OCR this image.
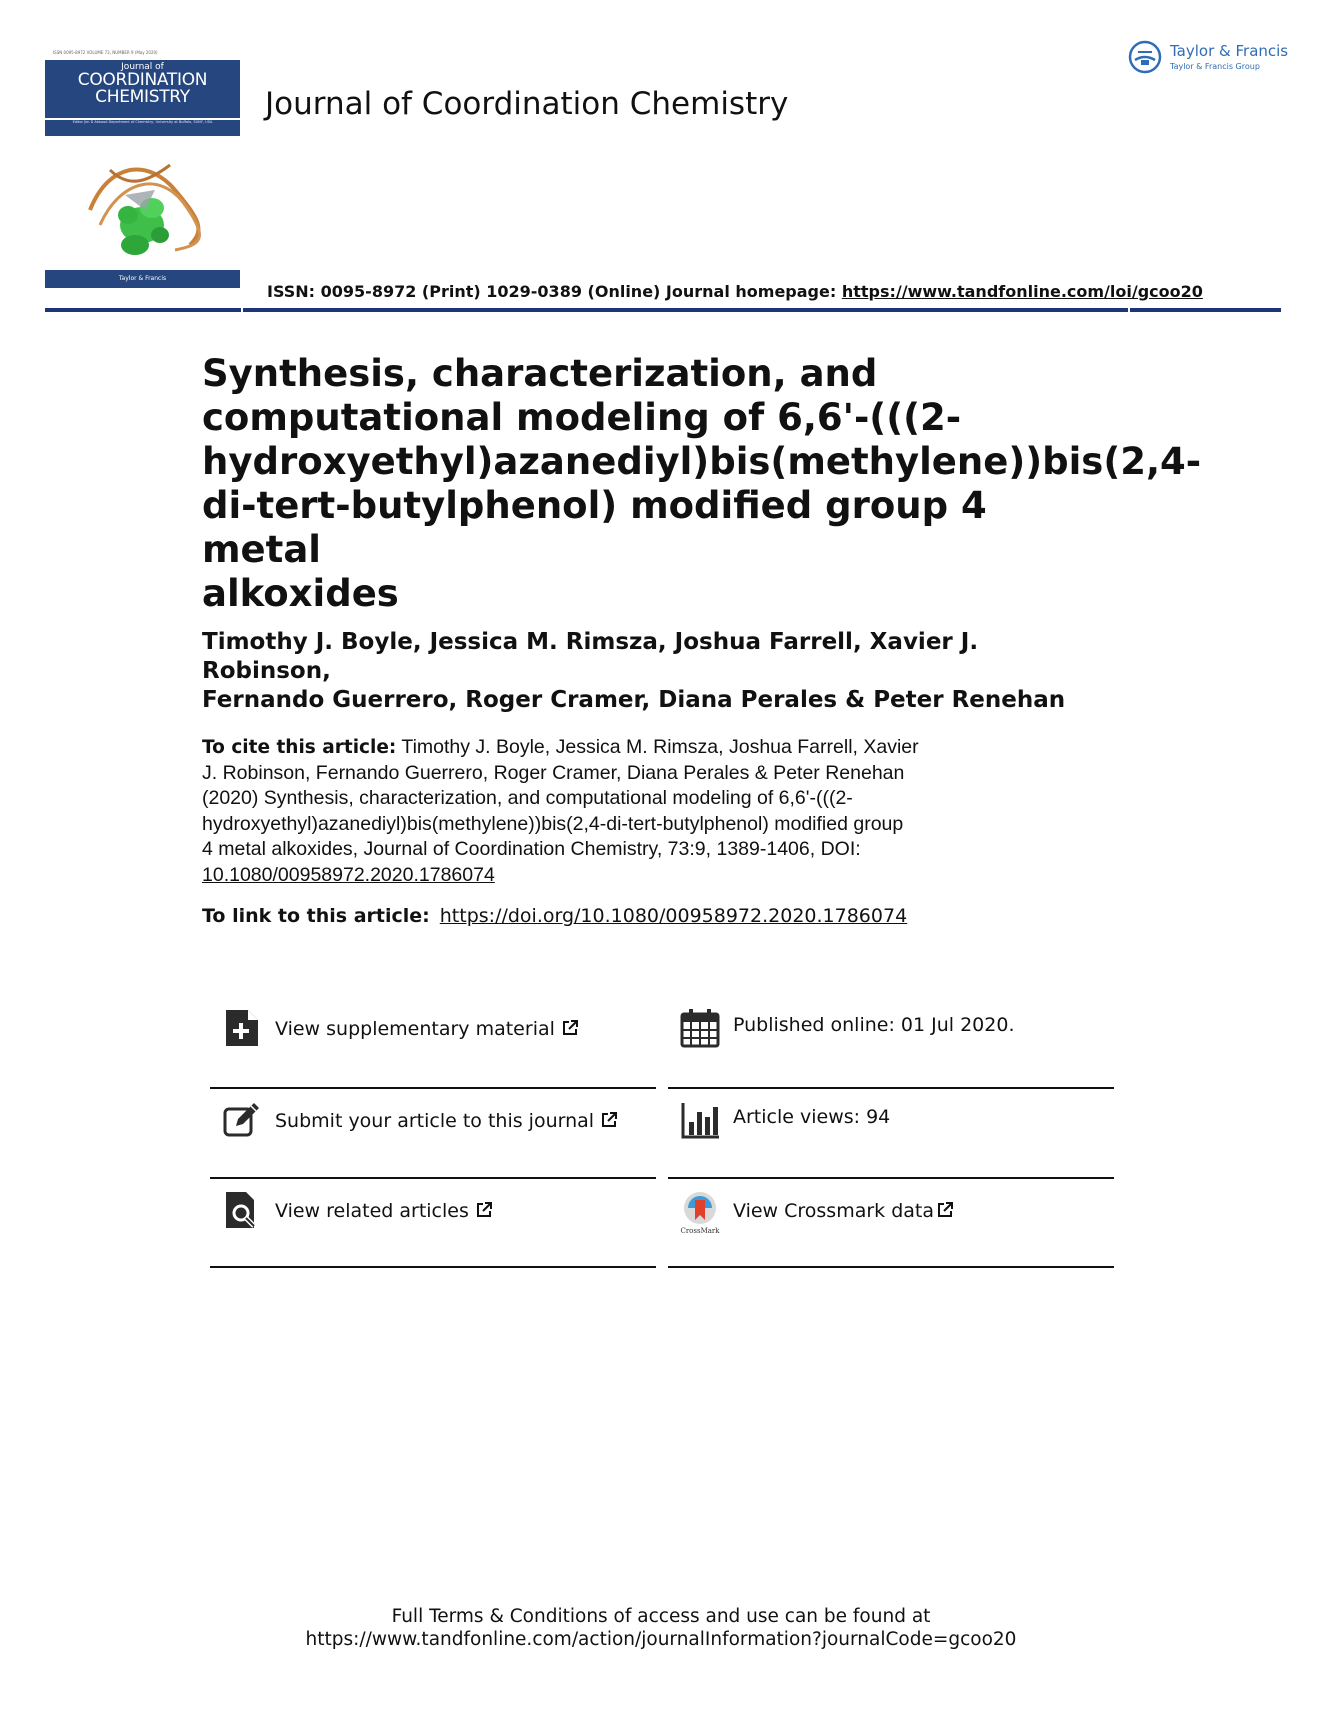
ISSN 0095-8972 VOLUME 73, NUMBER 9 (May 2020)
Journal of
COORDINATION
CHEMISTRY
Editor Jim D Atwood Department of Chemistry, University at Buffalo, SUNY, USA
Taylor & Francis
Journal of Coordination Chemistry
Taylor & Francis
Taylor & Francis Group
ISSN: 0095-8972 (Print) 1029-0389 (Online) Journal homepage: https://www.tandfonline.com/loi/gcoo20
Synthesis, characterization, and
computational modeling of 6,6'-(((2-
hydroxyethyl)azanediyl)bis(methylene))bis(2,4-
di-tert-butylphenol) modified group 4 metal
alkoxides
Timothy J. Boyle, Jessica M. Rimsza, Joshua Farrell, Xavier J. Robinson,
Fernando Guerrero, Roger Cramer, Diana Perales & Peter Renehan
To cite this article: Timothy J. Boyle, Jessica M. Rimsza, Joshua Farrell, Xavier
J. Robinson, Fernando Guerrero, Roger Cramer, Diana Perales & Peter Renehan
(2020) Synthesis, characterization, and computational modeling of 6,6'-(((2-
hydroxyethyl)azanediyl)bis(methylene))bis(2,4-di-tert-butylphenol) modified group
4 metal alkoxides, Journal of Coordination Chemistry, 73:9, 1389-1406, DOI:
10.1080/00958972.2020.1786074
To link to this article: https://doi.org/10.1080/00958972.2020.1786074
View supplementary material
Submit your article to this journal
View related articles
Published online: 01 Jul 2020.
Article views: 94
CrossMark
View Crossmark data
Full Terms & Conditions of access and use can be found at
https://www.tandfonline.com/action/journalInformation?journalCode=gcoo20
